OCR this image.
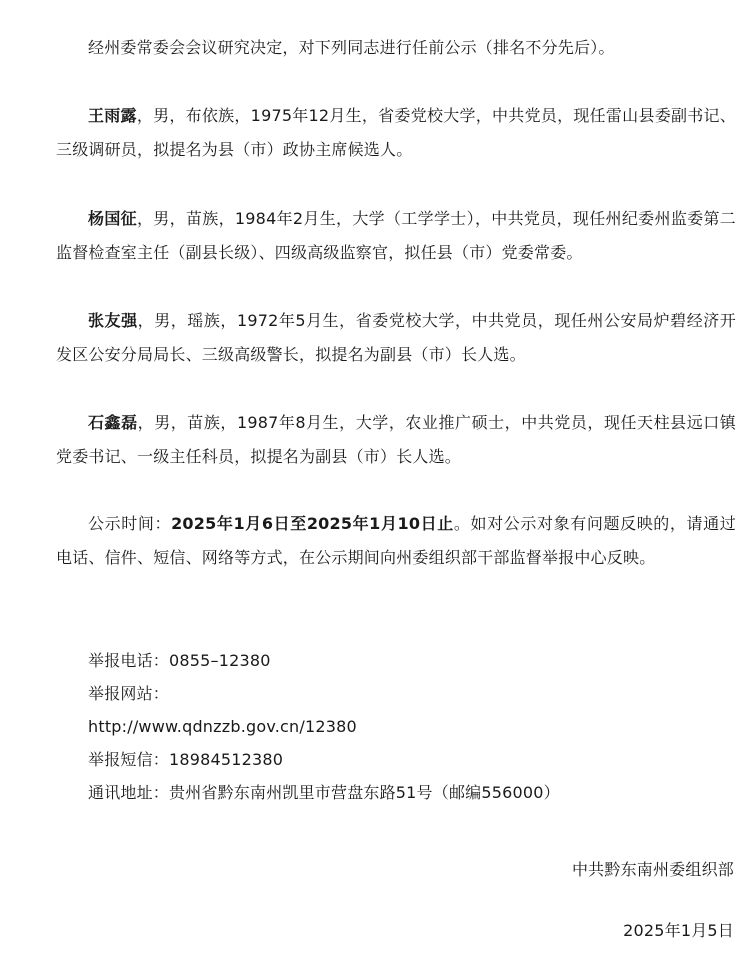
经州委常委会会议研究决定，对下列同志进行任前公示（排名不分先后）。

王雨露，男，布依族，1975年12月生，省委党校大学，中共党员，现任雷山县委副书记、三级调研员，拟提名为县（市）政协主席候选人。

杨国征，男，苗族，1984年2月生，大学（工学学士），中共党员，现任州纪委州监委第二监督检查室主任（副县长级）、四级高级监察官，拟任县（市）党委常委。

张友强，男，瑶族，1972年5月生，省委党校大学，中共党员，现任州公安局炉碧经济开发区公安分局局长、三级高级警长，拟提名为副县（市）长人选。

石鑫磊，男，苗族，1987年8月生，大学，农业推广硕士，中共党员，现任天柱县远口镇党委书记、一级主任科员，拟提名为副县（市）长人选。

公示时间：2025年1月6日至2025年1月10日止。如对公示对象有问题反映的，请通过电话、信件、短信、网络等方式，在公示期间向州委组织部干部监督举报中心反映。

举报电话：0855–12380
举报网站：
http://www.qdnzzb.gov.cn/12380
举报短信：18984512380
通讯地址：贵州省黔东南州凯里市营盘东路51号（邮编556000）
中共黔东南州委组织部
2025年1月5日
